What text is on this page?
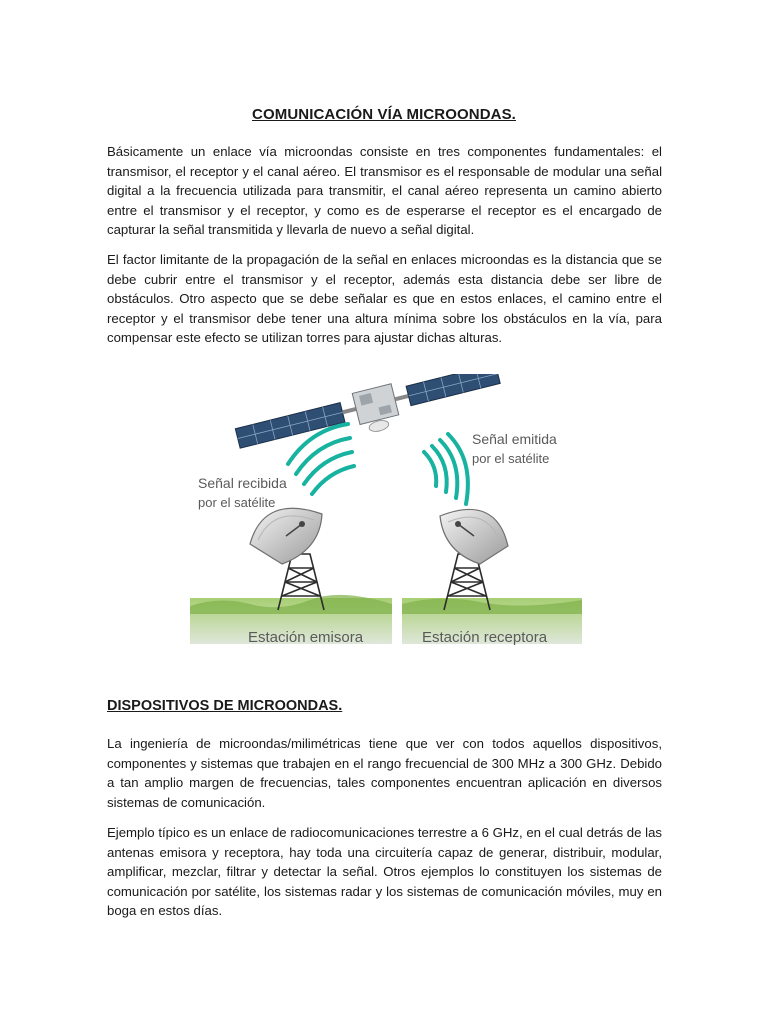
COMUNICACIÓN VÍA MICROONDAS.

Básicamente un enlace vía microondas consiste en tres componentes fundamentales: el transmisor, el receptor y el canal aéreo. El transmisor es el responsable de modular una señal digital a la frecuencia utilizada para transmitir, el canal aéreo representa un camino abierto entre el transmisor y el receptor, y como es de esperarse el receptor es el encargado de capturar la señal transmitida y llevarla de nuevo a señal digital.

El factor limitante de la propagación de la señal en enlaces microondas es la distancia que se debe cubrir entre el transmisor y el receptor, además esta distancia debe ser libre de obstáculos. Otro aspecto que se debe señalar es que en estos enlaces, el camino entre el receptor y el transmisor debe tener una altura mínima sobre los obstáculos en la vía, para compensar este efecto se utilizan torres para ajustar dichas alturas.

Señal recibida
por el satélite
Señal emitida
por el satélite
Estación emisora	Estación receptora
DISPOSITIVOS DE MICROONDAS.

La ingeniería de microondas/milimétricas tiene que ver con todos aquellos dispositivos, componentes y sistemas que trabajen en el rango frecuencial de 300 MHz a 300 GHz. Debido a tan amplio margen de frecuencias, tales componentes encuentran aplicación en diversos sistemas de comunicación.

Ejemplo típico es un enlace de radiocomunicaciones terrestre a 6 GHz, en el cual detrás de las antenas emisora y receptora, hay toda una circuitería capaz de generar, distribuir, modular, amplificar, mezclar, filtrar y detectar la señal. Otros ejemplos lo constituyen los sistemas de comunicación por satélite, los sistemas radar y los sistemas de comunicación móviles, muy en boga en estos días.
